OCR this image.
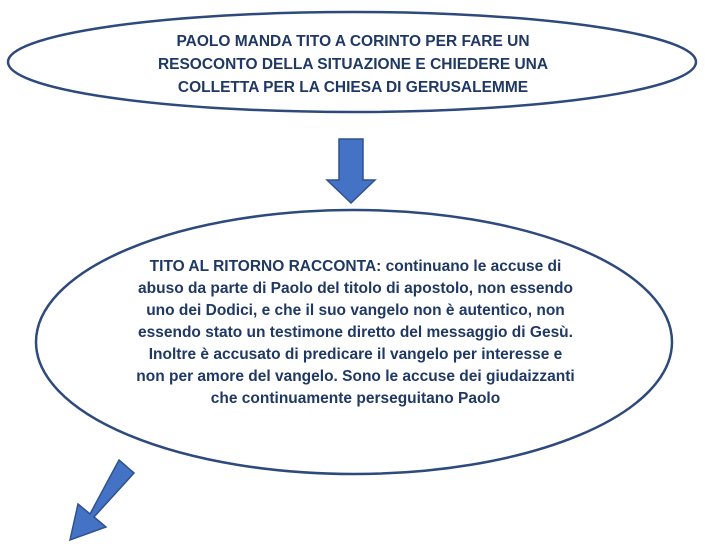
PAOLO MANDA TITO A CORINTO PER FARE UN
RESOCONTO DELLA SITUAZIONE E CHIEDERE UNA
COLLETTA PER LA CHIESA DI GERUSALEMME
TITO AL RITORNO RACCONTA: continuano le accuse di
abuso da parte di Paolo del titolo di apostolo, non essendo
uno dei Dodici, e che il suo vangelo non è autentico, non
essendo stato un testimone diretto del messaggio di Gesù.
Inoltre è accusato di predicare il vangelo per interesse e
non per amore del vangelo. Sono le accuse dei giudaizzanti
che continuamente perseguitano Paolo
